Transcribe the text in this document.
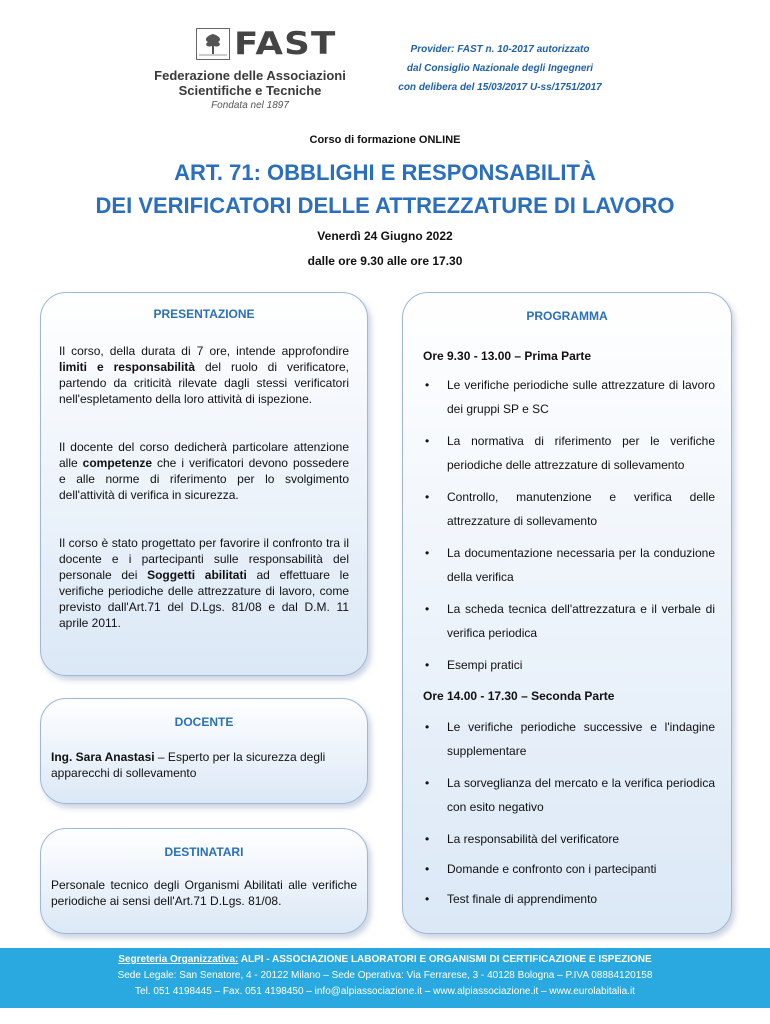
FAST
Federazione delle Associazioni
Scientifiche e Tecniche
Fondata nel 1897
Provider: FAST n. 10-2017 autorizzato
dal Consiglio Nazionale degli Ingegneri
con delibera del 15/03/2017 U-ss/1751/2017
Corso di formazione ONLINE
ART. 71: OBBLIGHI E RESPONSABILITÀ
DEI VERIFICATORI DELLE ATTREZZATURE DI LAVORO
Venerdì 24 Giugno 2022
dalle ore 9.30 alle ore 17.30
PRESENTAZIONE
Il corso, della durata di 7 ore, intende approfondire limiti e responsabilità del ruolo di verificatore, partendo da criticità rilevate dagli stessi verificatori nell'espletamento della loro attività di ispezione.
Il docente del corso dedicherà particolare attenzione alle competenze che i verificatori devono possedere e alle norme di riferimento per lo svolgimento dell'attività di verifica in sicurezza.
Il corso è stato progettato per favorire il confronto tra il docente e i partecipanti sulle responsabilità del personale dei Soggetti abilitati ad effettuare le verifiche periodiche delle attrezzature di lavoro, come previsto dall'Art.71 del D.Lgs. 81/08 e dal D.M. 11 aprile 2011.
DOCENTE
Ing. Sara Anastasi – Esperto per la sicurezza degli apparecchi di sollevamento
DESTINATARI
Personale tecnico degli Organismi Abilitati alle verifiche periodiche ai sensi dell'Art.71 D.Lgs. 81/08.
PROGRAMMA
Ore 9.30 - 13.00 – Prima Parte
• Le verifiche periodiche sulle attrezzature di lavoro dei gruppi SP e SC
• La normativa di riferimento per le verifiche periodiche delle attrezzature di sollevamento
• Controllo, manutenzione e verifica delle attrezzature di sollevamento
• La documentazione necessaria per la conduzione della verifica
• La scheda tecnica dell'attrezzatura e il verbale di verifica periodica
• Esempi pratici
Ore 14.00 - 17.30 – Seconda Parte
• Le verifiche periodiche successive e l'indagine supplementare
• La sorveglianza del mercato e la verifica periodica con esito negativo
• La responsabilità del verificatore
• Domande e confronto con i partecipanti
• Test finale di apprendimento
Segreteria Organizzativa: ALPI - ASSOCIAZIONE LABORATORI E ORGANISMI DI CERTIFICAZIONE E ISPEZIONE
Sede Legale: San Senatore, 4 - 20122 Milano – Sede Operativa: Via Ferrarese, 3 - 40128 Bologna – P.IVA 08884120158
Tel. 051 4198445 – Fax. 051 4198450 – info@alpiassociazione.it – www.alpiassociazione.it – www.eurolabitalia.it
